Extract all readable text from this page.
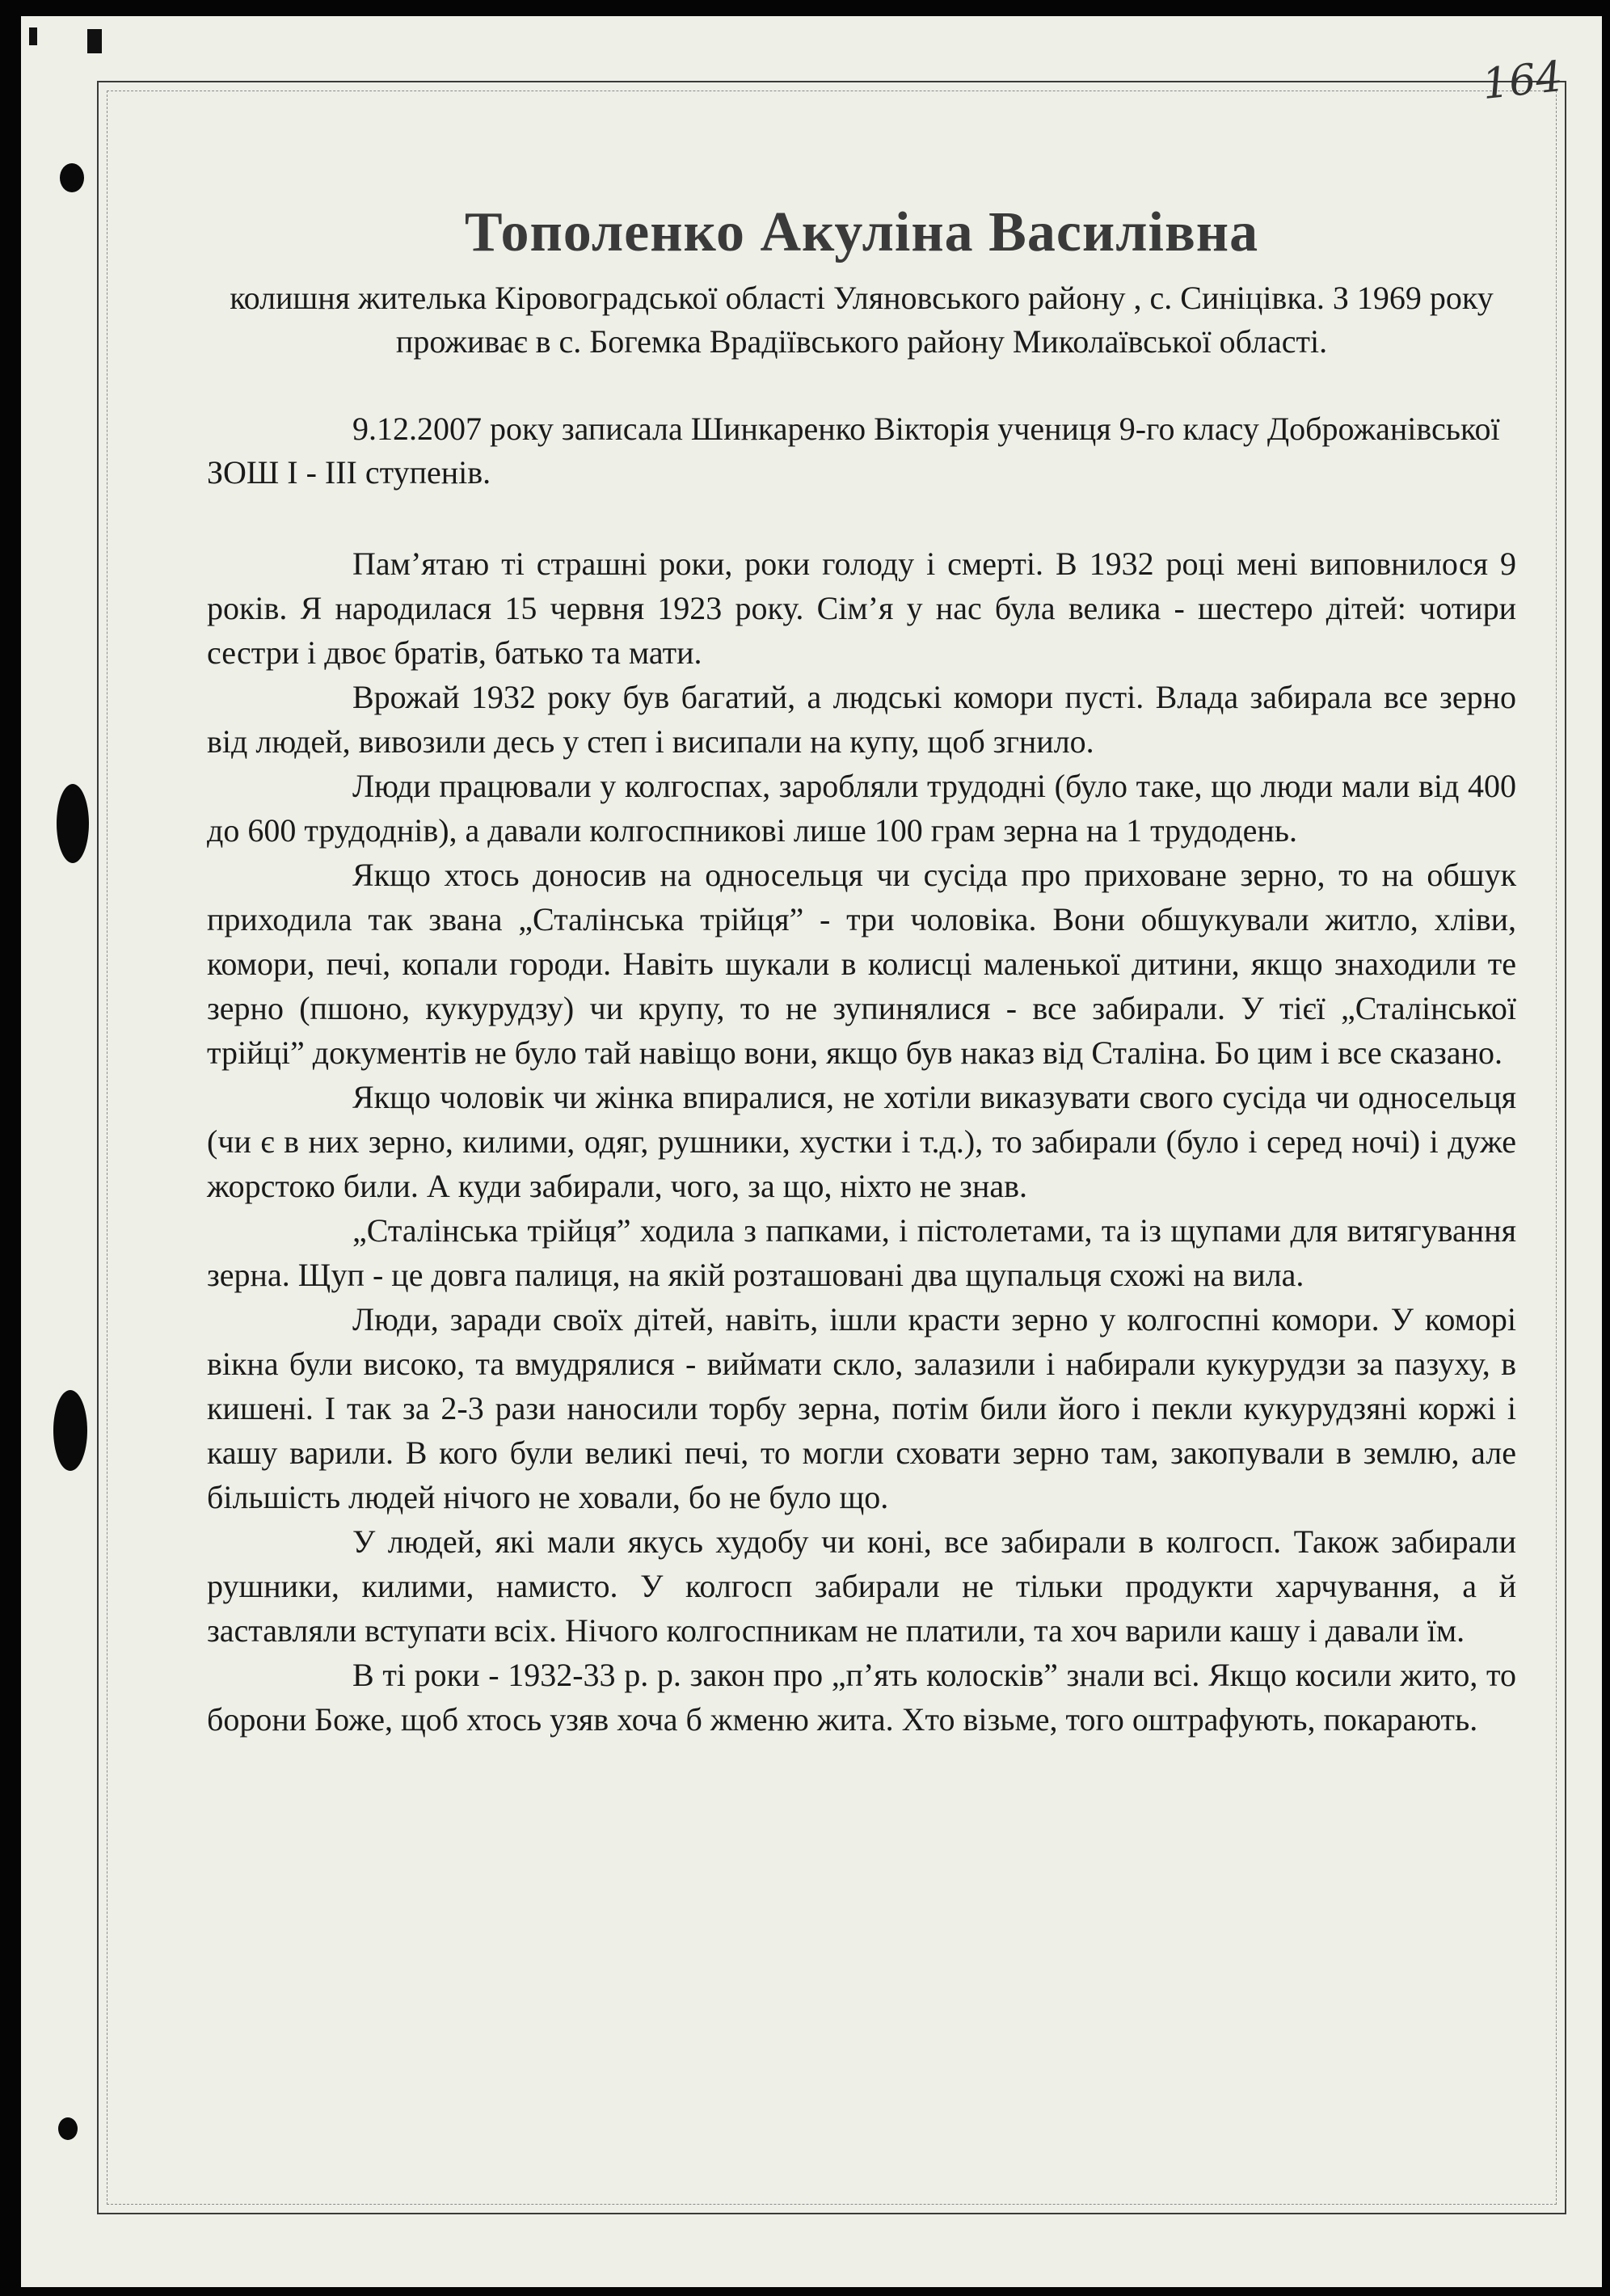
164
Тополенко Акуліна Василівна

колишня жителька Кіровоградської області Уляновського району , с. Синіцівка. З 1969 року проживає в с. Богемка Врадіївського району Миколаївської області.

9.12.2007 року записала Шинкаренко Вікторія учениця 9-го класу Доброжанівської ЗОШ І - ІІІ ступенів.

Пам’ятаю ті страшні роки, роки голоду і смерті. В 1932 році мені виповнилося 9 років. Я народилася 15 червня 1923 року. Сім’я у нас була велика - шестеро дітей: чотири сестри і двоє братів, батько та мати.

Врожай 1932 року був багатий, а людські комори пусті. Влада забирала все зерно від людей, вивозили десь у степ і висипали на купу, щоб згнило.

Люди працювали у колгоспах, заробляли трудодні (було таке, що люди мали від 400 до 600 трудоднів), а давали колгоспникові лише 100 грам зерна на 1 трудодень.

Якщо хтось доносив на односельця чи сусіда про приховане зерно, то на обшук приходила так звана „Сталінська трійця” - три чоловіка. Вони обшукували житло, хліви, комори, печі, копали городи. Навіть шукали в колисці маленької дитини, якщо знаходили те зерно (пшоно, кукурудзу) чи крупу, то не зупинялися - все забирали. У тієї „Сталінської трійці” документів не було тай навіщо вони, якщо був наказ від Сталіна. Бо цим і все сказано.

Якщо чоловік чи жінка впиралися, не хотіли виказувати свого сусіда чи односельця (чи є в них зерно, килими, одяг, рушники, хустки і т.д.), то забирали (було і серед ночі) і дуже жорстоко били. А куди забирали, чого, за що, ніхто не знав.

„Сталінська трійця” ходила з папками, і пістолетами, та із щупами для витягування зерна. Щуп - це довга палиця, на якій розташовані два щупальця схожі на вила.

Люди, заради своїх дітей, навіть, ішли красти зерно у колгоспні комори. У коморі вікна були високо, та вмудрялися - виймати скло, залазили і набирали кукурудзи за пазуху, в кишені. І так за 2-3 рази наносили торбу зерна, потім били його і пекли кукурудзяні коржі і кашу варили. В кого були великі печі, то могли сховати зерно там, закопували в землю, але більшість людей нічого не ховали, бо не було що.

У людей, які мали якусь худобу чи коні, все забирали в колгосп. Також забирали рушники, килими, намисто. У колгосп забирали не тільки продукти харчування, а й заставляли вступати всіх. Нічого колгоспникам не платили, та хоч варили кашу і давали їм.

В ті роки - 1932-33 р. р. закон про „п’ять колосків” знали всі. Якщо косили жито, то борони Боже, щоб хтось узяв хоча б жменю жита. Хто візьме, того оштрафують, покарають.
